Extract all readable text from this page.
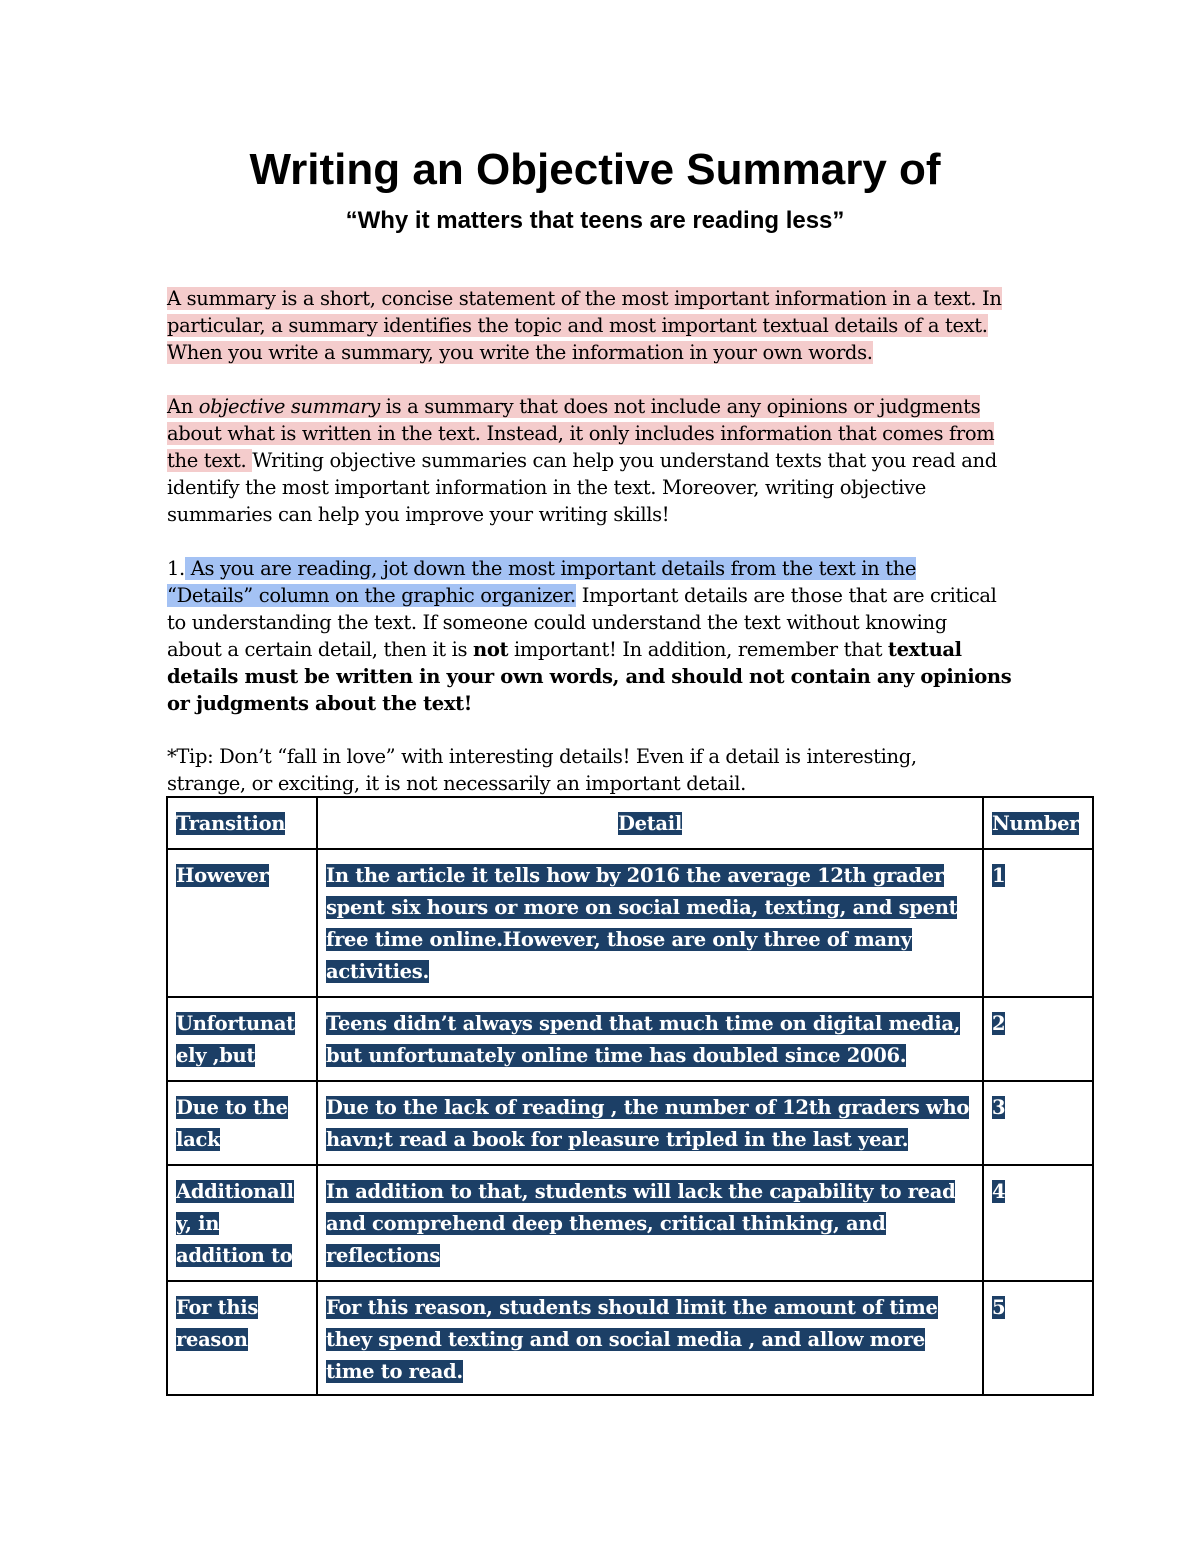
Writing an Objective Summary of
“Why it matters that teens are reading less”
A summary is a short, concise statement of the most important information in a text. In
particular, a summary identifies the topic and most important textual details of a text.
When you write a summary, you write the information in your own words.
An objective summary is a summary that does not include any opinions or judgments
about what is written in the text. Instead, it only includes information that comes from
the text. Writing objective summaries can help you understand texts that you read and
identify the most important information in the text. Moreover, writing objective
summaries can help you improve your writing skills!
1. As you are reading, jot down the most important details from the text in the
“Details” column on the graphic organizer. Important details are those that are critical
to understanding the text. If someone could understand the text without knowing
about a certain detail, then it is not important! In addition, remember that textual
details must be written in your own words, and should not contain any opinions
or judgments about the text!
*Tip: Don’t “fall in love” with interesting details! Even if a detail is interesting,
strange, or exciting, it is not necessarily an important detail.
Transition	Detail	Number
However	In the article it tells how by 2016 the average 12th grader
spent six hours or more on social media, texting, and spent
free time online.However, those are only three of many
activities.	1
Unfortunat
ely ,but	Teens didn’t always spend that much time on digital media,
but unfortunately online time has doubled since 2006.	2
Due to the
lack	Due to the lack of reading , the number of 12th graders who
havn;t read a book for pleasure tripled in the last year.	3
Additionall
y, in
addition to	In addition to that, students will lack the capability to read
and comprehend deep themes, critical thinking, and
reflections	4
For this
reason	For this reason, students should limit the amount of time
they spend texting and on social media , and allow more
time to read.	5
